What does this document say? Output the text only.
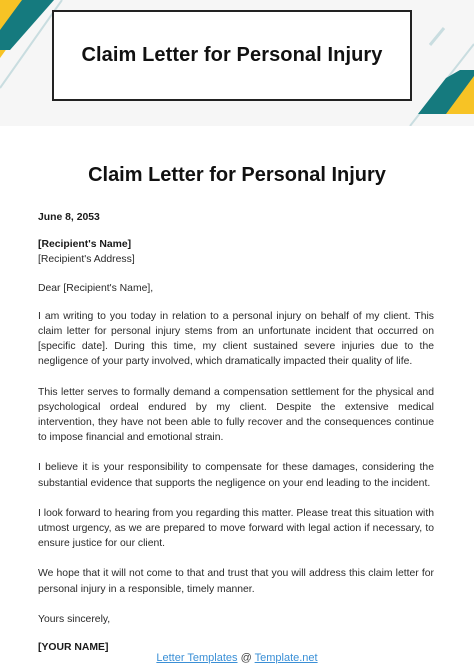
Claim Letter for Personal Injury
Claim Letter for Personal Injury

June 8, 2053

[Recipient's Name]

[Recipient's Address]

Dear [Recipient's Name],

I am writing to you today in relation to a personal injury on behalf of my client. This claim letter for personal injury stems from an unfortunate incident that occurred on [specific date]. During this time, my client sustained severe injuries due to the negligence of your party involved, which dramatically impacted their quality of life.

This letter serves to formally demand a compensation settlement for the physical and psychological ordeal endured by my client. Despite the extensive medical intervention, they have not been able to fully recover and the consequences continue to impose financial and emotional strain.

I believe it is your responsibility to compensate for these damages, considering the substantial evidence that supports the negligence on your end leading to the incident.

I look forward to hearing from you regarding this matter. Please treat this situation with utmost urgency, as we are prepared to move forward with legal action if necessary, to ensure justice for our client.

We hope that it will not come to that and trust that you will address this claim letter for personal injury in a responsible, timely manner.

Yours sincerely,

[YOUR NAME]

Letter Templates @ Template.net
